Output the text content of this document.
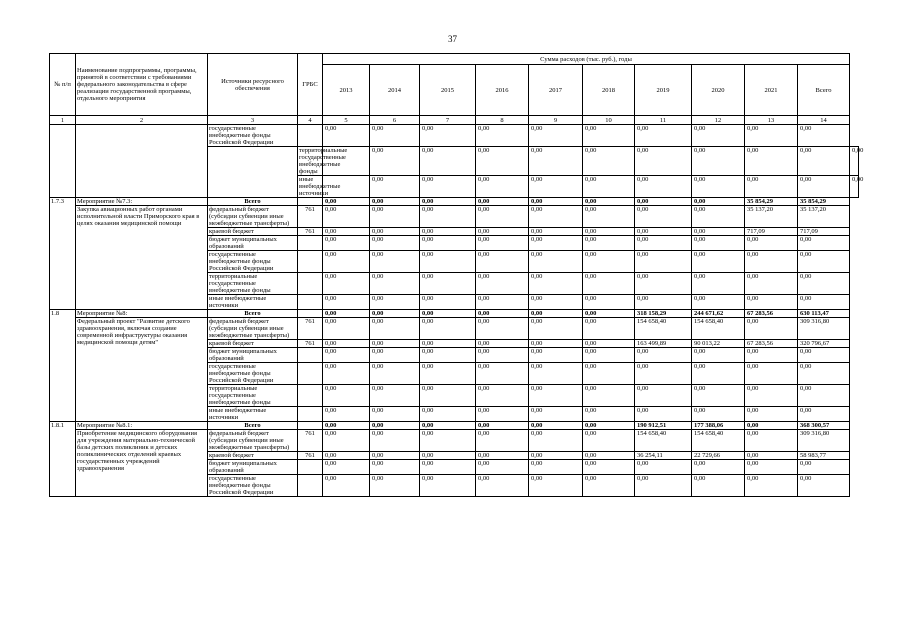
37
№ п/п	Наименование подпрограммы, программы, принятой в соответствии с требованиями федерального законодательства в сфере реализации государственной программы, отдельного мероприятия	Источники ресурсного обеспечения	ГРБС	Сумма расходов (тыс. руб.), годы										
				2013	2014	2015	2016	2017	2018	2019	2020	2021	Всего	
1	2	3	4	5	6	7	8	9	10	11	12	13	14	
		государственные внебюджетные фонды Российской Федерации		0,00	0,00	0,00	0,00	0,00	0,00	0,00	0,00	0,00	0,00	
			территориальные государственные внебюджетные фонды		0,00	0,00	0,00	0,00	0,00	0,00	0,00	0,00	0,00	0,00
			иные внебюджетные источники		0,00	0,00	0,00	0,00	0,00	0,00	0,00	0,00	0,00	0,00
1.7.3	Мероприятие №7.3:	Всего		0,00	0,00	0,00	0,00	0,00	0,00	0,00	0,00	35 854,29	35 854,29	
	Закупка авиационных работ органами исполнительной власти Приморского края в целях оказания медицинской помощи	федеральный бюджет (субсидии субвенции иные межбюджетные трансферты)	761	0,00	0,00	0,00	0,00	0,00	0,00	0,00	0,00	35 137,20	35 137,20	
		краевой бюджет	761	0,00	0,00	0,00	0,00	0,00	0,00	0,00	0,00	717,09	717,09	
		бюджет муниципальных образований		0,00	0,00	0,00	0,00	0,00	0,00	0,00	0,00	0,00	0,00	
		государственные внебюджетные фонды Российской Федерации		0,00	0,00	0,00	0,00	0,00	0,00	0,00	0,00	0,00	0,00	
		территориальные государственные внебюджетные фонды		0,00	0,00	0,00	0,00	0,00	0,00	0,00	0,00	0,00	0,00	
		иные внебюджетные источники		0,00	0,00	0,00	0,00	0,00	0,00	0,00	0,00	0,00	0,00	
1.8	Мероприятие №8:	Всего		0,00	0,00	0,00	0,00	0,00	0,00	318 158,29	244 671,62	67 283,56	630 113,47	
	Федеральный проект "Развитие детского здравоохранения, включая создание современной инфраструктуры оказания медицинской помощи детям"	федеральный бюджет (субсидии субвенции иные межбюджетные трансферты)	761	0,00	0,00	0,00	0,00	0,00	0,00	154 658,40	154 658,40	0,00	309 316,80	
		краевой бюджет	761	0,00	0,00	0,00	0,00	0,00	0,00	163 499,89	90 013,22	67 283,56	320 796,67	
		бюджет муниципальных образований		0,00	0,00	0,00	0,00	0,00	0,00	0,00	0,00	0,00	0,00	
		государственные внебюджетные фонды Российской Федерации		0,00	0,00	0,00	0,00	0,00	0,00	0,00	0,00	0,00	0,00	
		территориальные государственные внебюджетные фонды		0,00	0,00	0,00	0,00	0,00	0,00	0,00	0,00	0,00	0,00	
		иные внебюджетные источники		0,00	0,00	0,00	0,00	0,00	0,00	0,00	0,00	0,00	0,00	
1.8.1	Мероприятие №8.1:	Всего		0,00	0,00	0,00	0,00	0,00	0,00	190 912,51	177 388,06	0,00	368 300,57	
	Приобретение медицинского оборудования для учреждения материально-технической базы детских поликлиник и детских поликлинических отделений краевых государственных учреждений здравоохранения	федеральный бюджет (субсидии субвенции иные межбюджетные трансферты)	761	0,00	0,00	0,00	0,00	0,00	0,00	154 658,40	154 658,40	0,00	309 316,80	
		краевой бюджет	761	0,00	0,00	0,00	0,00	0,00	0,00	36 254,11	22 729,66	0,00	58 983,77	
		бюджет муниципальных образований		0,00	0,00	0,00	0,00	0,00	0,00	0,00	0,00	0,00	0,00	
		государственные внебюджетные фонды Российской Федерации		0,00	0,00	0,00	0,00	0,00	0,00	0,00	0,00	0,00	0,00	
